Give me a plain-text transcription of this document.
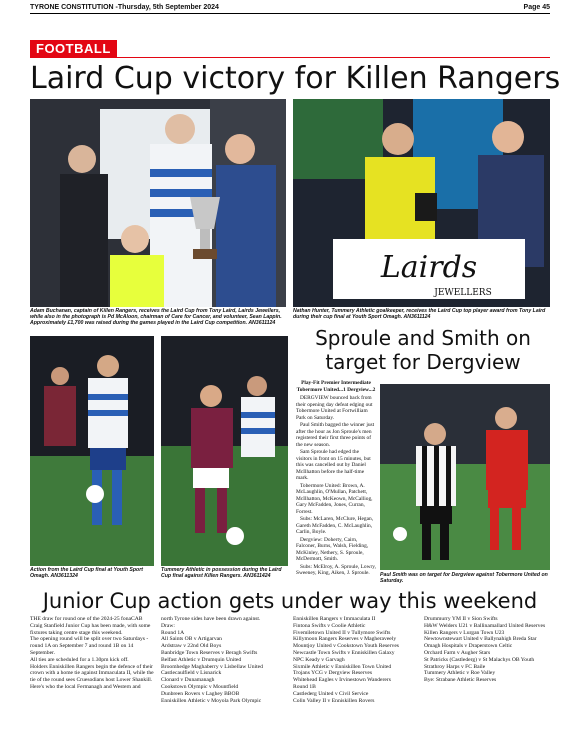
TYRONE CONSTITUTION -Thursday, 5th September 2024	Page 45
FOOTBALL
Laird Cup victory for Killen Rangers
Adam Buchanan, captain of Killen Rangers, receives the Laird Cup from Tony Laird, Lairds Jewellers, while also in the photograph is Pd McAloon, chairman of Care for Cancer, and volunteer, Sean Lappin. Approximately £1,700 was raised during the games played in the Laird Cup competition. AN3611124
Lairds
JEWELLERS
Nathan Hunter, Tummery Athletic goalkeeper, receives the Laird Cup top player award from Tony Laird during their cup final at Youth Sport Omagh. AN3611124
Action from the Laird Cup final at Youth Sport Omagh. AN3611324
Tummery Athletic in possession during the Laird Cup final against Killen Rangers. AN3611424
Sproule and Smith on target for Dergview

Play-Fit Premier Intermediate Tobermore United...1 Dergview...2

DERGVIEW bounced back from their opening day defeat edging out Tobermore United at Fortwilliam Park on Saturday.

Paul Smith bagged the winner just after the hour as Jon Sproule's men registered their first three points of the new season.

Sam Sproule had edged the visitors in front on 15 minutes, but this was cancelled out by Daniel McIlhatton before the half-time mark.

Tobermore United: Brown, A. McLaughlin, O'Mullan, Patchett, McIlhatton, McKeown, McCalliog, Gary McFadden, Jones, Curran, Forrest.

Subs: McLaren, McClure, Hegan, Gareth McFadden, C. McLaughlin, Carlin, Boyle.

Dergview: Doherty, Cairn, Falconer, Burns, Walsh, Fielding, McKinley, Nethery, S. Sproule, McDermott, Smith.

Subs: McElroy, A. Sproule, Lowry, Sweeney, King, Aiken, J. Sproule.	Paul Smith was on target for Dergview against Tobermore United on Saturday.
Junior Cup action gets under way this weekend
THE draw for round one of the 2024-25 fonaCAB Craig Stanfield Junior Cup has been made, with some fixtures taking centre stage this weekend.
The opening round will be split over two Saturdays - round 1A on September 7 and round 1B on 14 September.
All ties are scheduled for a 1.30pm kick off.
Holders Enniskillen Rangers begin the defence of their crown with a home tie against Immaculata II, while the tie of the round sees Cruesodians host Lower Shankill.
Here's who the local Fermanagh and Western and
north Tyrone sides have been drawn against.
Draw:
Round 1A
All Saints OB v Artigarvan
Ardstraw v 22nd Old Boys
Banbridge Town Reserves v Beragh Swifts
Belfast Athletic v Drumquin United
Broomhedge Maghaberry v Lisbellaw United
Castlecaulfield v Lisnarick
Clonard v Dunamanagh
Cookstown Olympic v Mountfield
Dunbreen Rovers v Laghey BBOB
Enniskillen Athletic v Moyola Park Olympic
Enniskillen Rangers v Immaculata II
Fintona Swifts v Coolie Athletic
Fivemiletown United II v Tullymore Swifts
Killymoon Rangers Reserves v Magheraveely
Mountjoy United v Cookstown Youth Reserves
Newcastle Town Swifts v Enniskillen Galaxy
NPC Keady v Garvagh
Sixmile Athletic v Enniskillen Town United
Trojans YCG v Dergview Reserves
Whitehead Eagles v Irvinestown Wanderers
Round 1B
Castlederg United v Civil Service
Colin Valley II v Enniskillen Rovers
Drummurry YM II v Sion Swifts
H&W Welders U21 v Ballinamallard United Reserves
Killen Rangers v Lurgan Town U23
Newtownstewart United v Ballynahigh Breda Star
Omagh Hospitals v Draperstown Celtic
Orchard Farm v Augher Stars
St Patricks (Castlederg) v St Malachys OB Youth
Strathroy Harps v FC Baile
Tummery Athletic v Roe Valley
Bye: Strabane Athletic Reserves
